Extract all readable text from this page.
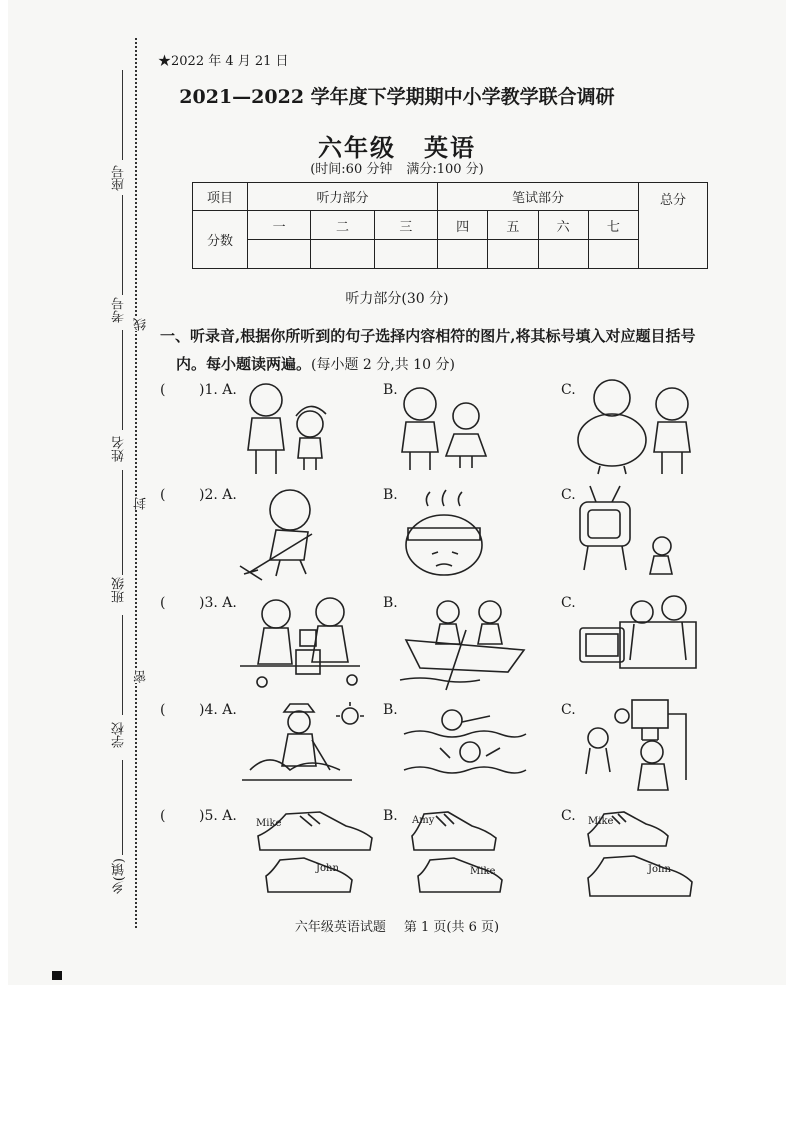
座号
考号
线
姓名
封
班级
密
学校
乡(镇)
★2022 年 4 月 21 日
2021—2022 学年度下学期期中小学教学联合调研
六年级 英语
(时间:60 分钟 满分:100 分)
项目	听力部分			笔试部分				总分
分数	一	二	三	四	五	六	七	

听力部分(30 分)
一、听录音,根据你所听到的句子选择内容相符的图片,将其标号填入对应题目括号
内。每小题读两遍。(每小题 2 分,共 10 分)
( )1. A.	B.	C.
( )2. A.	B.	C.
( )3. A.	B.	C.
( )4. A.	B.	C.
( )5. A.	B.	C.
Mike
John
Amy
Mike
Mike
John
六年级英语试题 第 1 页(共 6 页)
